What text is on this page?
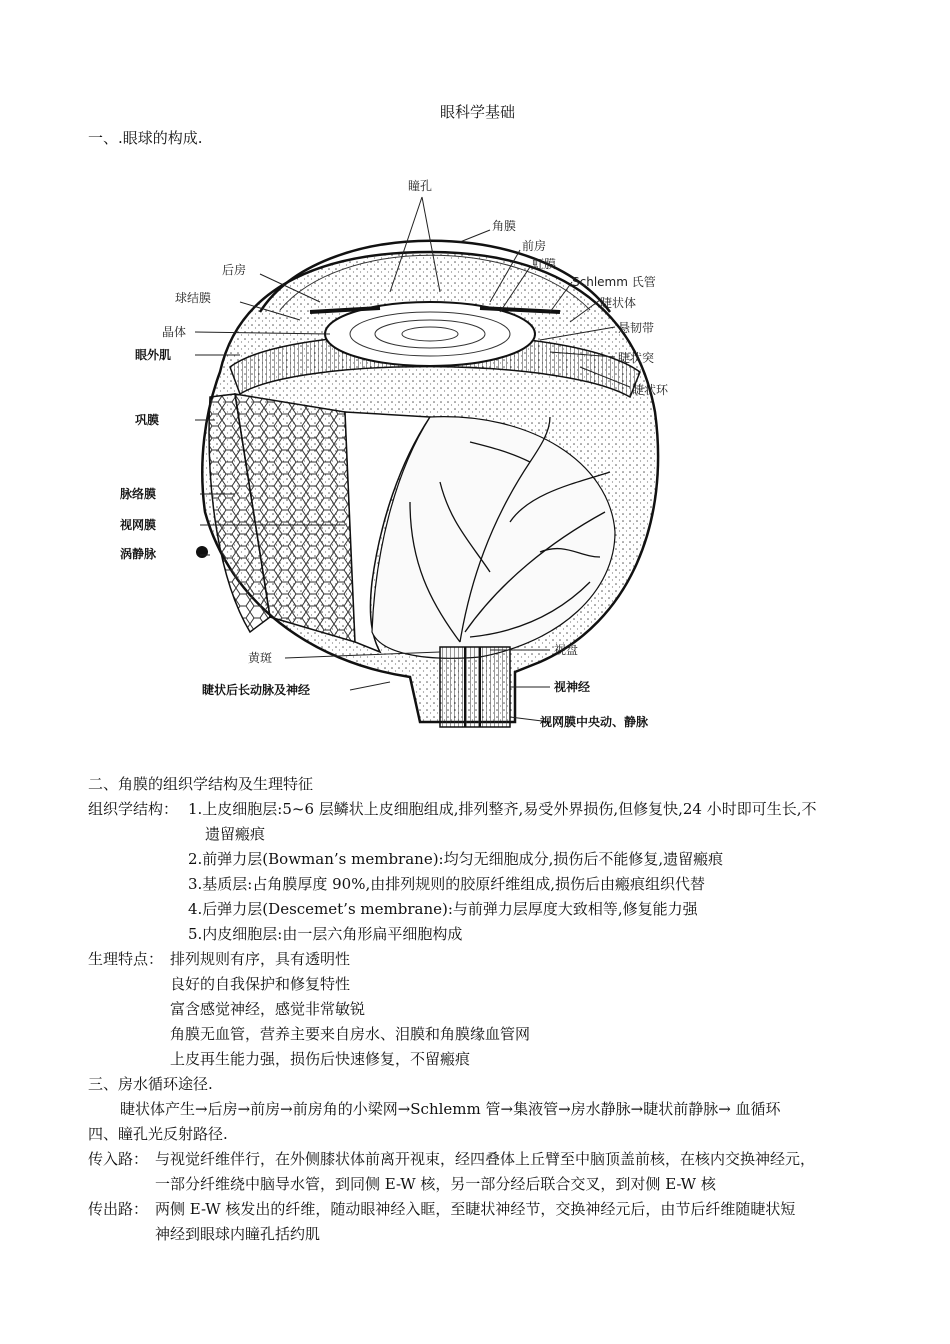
眼科学基础
一、.眼球的构成.
瞳孔
角膜
前房
虹膜
Schlemm 氏管
睫状体
悬韧带
睫状突
睫状环
后房
球结膜
晶体
眼外肌
巩膜
脉络膜
视网膜
涡静脉
黄斑
睫状后长动脉及神经
视盘
视神经
视网膜中央动、静脉
二、角膜的组织学结构及生理特征
组织学结构： 1.上皮细胞层:5~6 层鳞状上皮细胞组成,排列整齐,易受外界损伤,但修复快,24 小时即可生长,不
遗留瘢痕
2.前弹力层(Bowman’s membrane):均匀无细胞成分,损伤后不能修复,遗留瘢痕
3.基质层:占角膜厚度 90%,由排列规则的胶原纤维组成,损伤后由瘢痕组织代替
4.后弹力层(Descemet’s membrane):与前弹力层厚度大致相等,修复能力强
5.内皮细胞层:由一层六角形扁平细胞构成
生理特点： 排列规则有序，具有透明性
良好的自我保护和修复特性
富含感觉神经，感觉非常敏锐
角膜无血管，营养主要来自房水、泪膜和角膜缘血管网
上皮再生能力强，损伤后快速修复，不留瘢痕
三、房水循环途径.
睫状体产生→后房→前房→前房角的小梁网→Schlemm 管→集液管→房水静脉→睫状前静脉→ 血循环
四、瞳孔光反射路径.
传入路： 与视觉纤维伴行，在外侧膝状体前离开视束，经四叠体上丘臂至中脑顶盖前核，在核内交换神经元，
一部分纤维绕中脑导水管，到同侧 E-W 核，另一部分经后联合交叉，到对侧 E-W 核
传出路： 两侧 E-W 核发出的纤维，随动眼神经入眶，至睫状神经节，交换神经元后，由节后纤维随睫状短
神经到眼球内瞳孔括约肌
